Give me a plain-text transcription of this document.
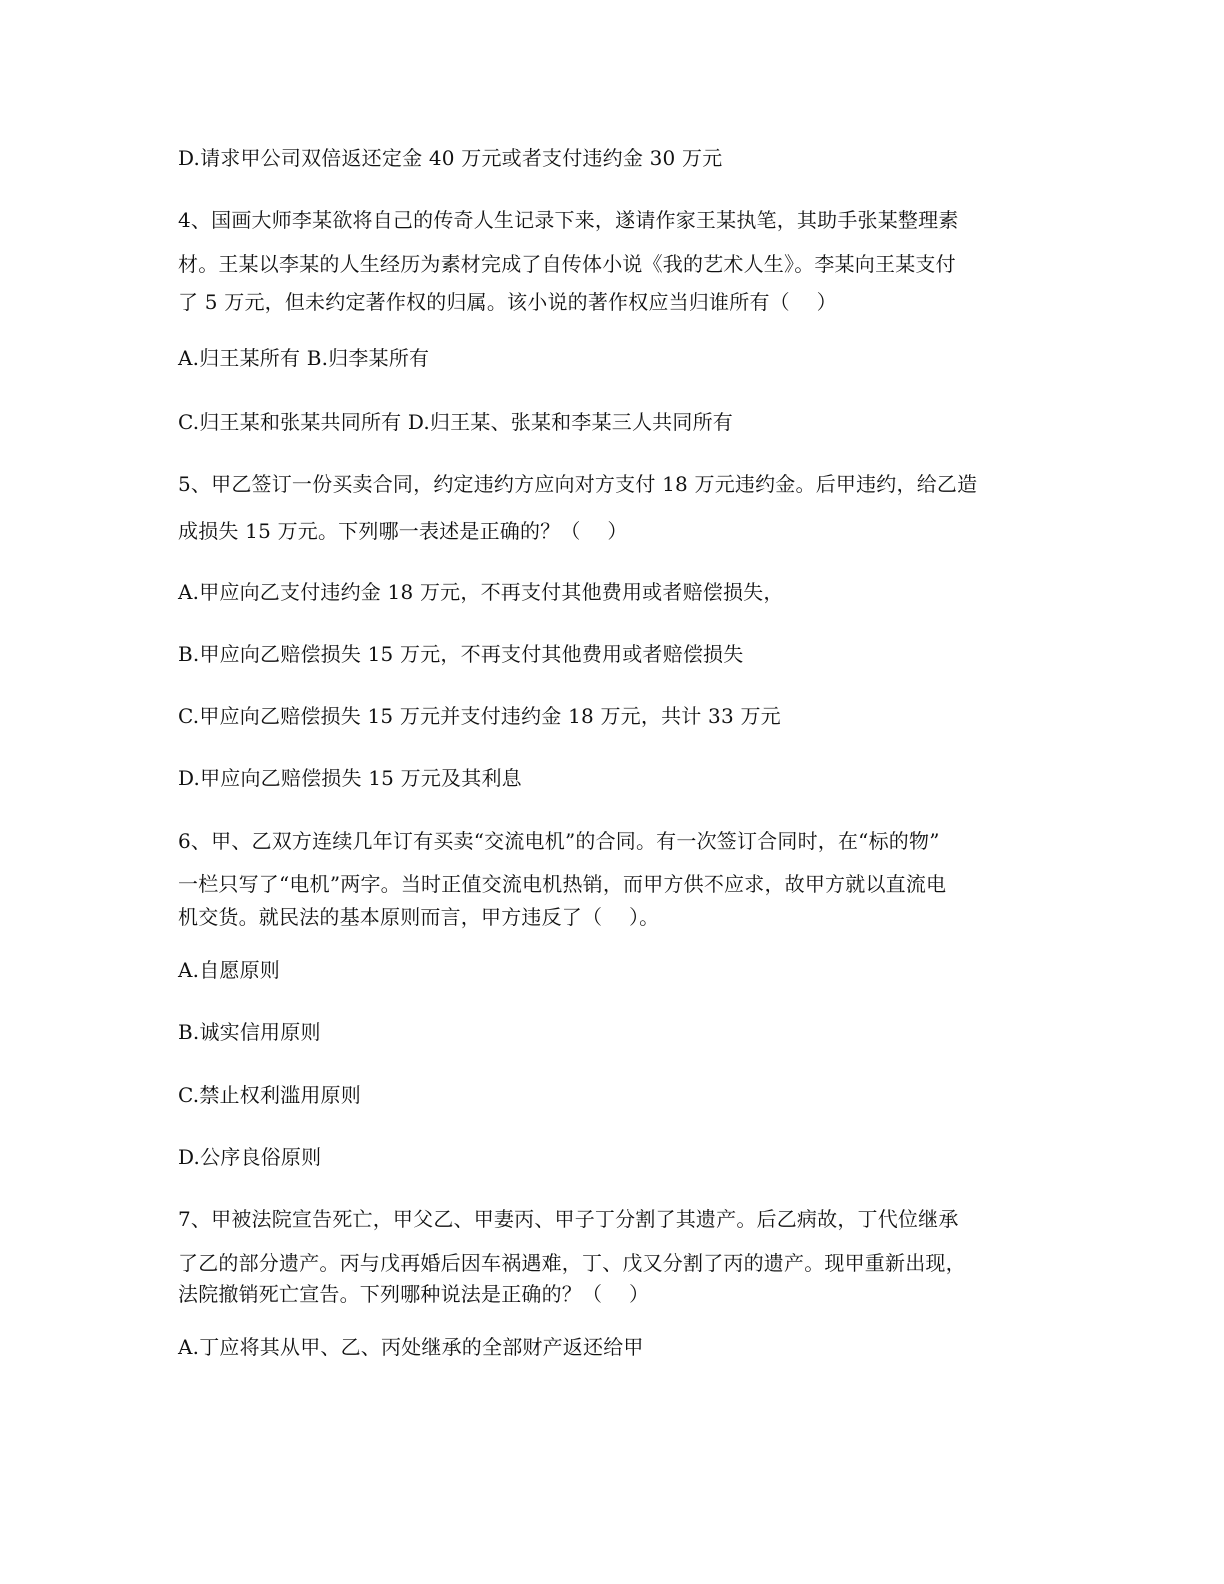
D.请求甲公司双倍返还定金 40 万元或者支付违约金 30 万元
4、国画大师李某欲将自己的传奇人生记录下来，遂请作家王某执笔，其助手张某整理素
材。王某以李某的人生经历为素材完成了自传体小说《我的艺术人生》。李某向王某支付
了 5 万元，但未约定著作权的归属。该小说的著作权应当归谁所有（　 ）
A.归王某所有 B.归李某所有
C.归王某和张某共同所有 D.归王某、张某和李某三人共同所有
5、甲乙签订一份买卖合同，约定违约方应向对方支付 18 万元违约金。后甲违约，给乙造
成损失 15 万元。下列哪一表述是正确的？（　 ）
A.甲应向乙支付违约金 18 万元，不再支付其他费用或者赔偿损失，
B.甲应向乙赔偿损失 15 万元，不再支付其他费用或者赔偿损失
C.甲应向乙赔偿损失 15 万元并支付违约金 18 万元，共计 33 万元
D.甲应向乙赔偿损失 15 万元及其利息
6、甲、乙双方连续几年订有买卖“交流电机”的合同。有一次签订合同时，在“标的物”
一栏只写了“电机”两字。当时正值交流电机热销，而甲方供不应求，故甲方就以直流电
机交货。就民法的基本原则而言，甲方违反了（　 ）。
A.自愿原则
B.诚实信用原则
C.禁止权利滥用原则
D.公序良俗原则
7、甲被法院宣告死亡，甲父乙、甲妻丙、甲子丁分割了其遗产。后乙病故，丁代位继承
了乙的部分遗产。丙与戊再婚后因车祸遇难，丁、戊又分割了丙的遗产。现甲重新出现，
法院撤销死亡宣告。下列哪种说法是正确的？（　 ）
A.丁应将其从甲、乙、丙处继承的全部财产返还给甲
